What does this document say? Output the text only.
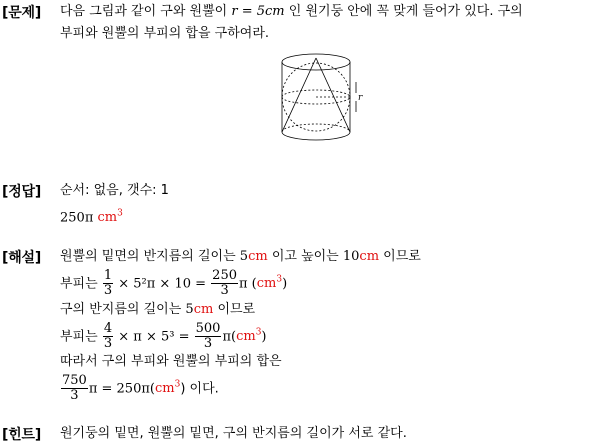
[문제] 다음 그림과 같이 구와 원뿔이 r = 5cm 인 원기둥 안에 꼭 맞게 들어가 있다. 구의
부피와 원뿔의 부피의 합을 구하여라.
r
[정답] 순서: 없음, 갯수: 1
250π $cm^3$
[해설] 원뿔의 밑면의 반지름의 길이는 5cm 이고 높이는 10cm 이므로
부피는 $\frac{1}{3} \times 5^2\pi \times 10 = \frac{250}{3}$ π $(cm^3)$
구의 반지름의 길이는 5cm 이므로
부피는 $\frac{4}{3} \times \pi \times 5^3 = \frac{500}{3} \pi(cm^3)$
따라서 구의 부피와 원뿔의 부피의 합은
$\frac{750}{3}$ $\pi = 250\pi(cm^3)$ 이다.
[힌트] 원기둥의 밑면, 원뿔의 밑면, 구의 반지름의 길이가 서로 같다.
